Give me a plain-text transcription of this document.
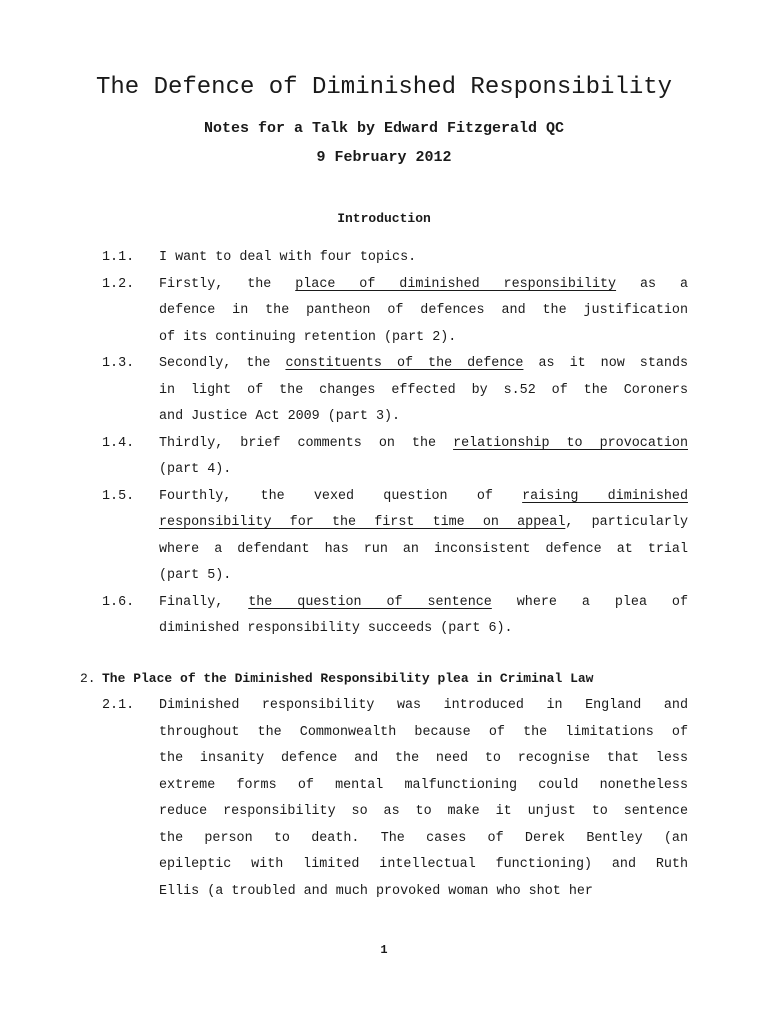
The Defence of Diminished Responsibility
Notes for a Talk by Edward Fitzgerald QC
9 February 2012
Introduction
1.1. I want to deal with four topics.
1.2. Firstly, the place of diminished responsibility as a
defence in the pantheon of defences and the justification
of its continuing retention (part 2).
1.3. Secondly, the constituents of the defence as it now stands
in light of the changes effected by s.52 of the Coroners
and Justice Act 2009 (part 3).
1.4. Thirdly, brief comments on the relationship to provocation
(part 4).
1.5. Fourthly, the vexed question of raising diminished
responsibility for the first time on appeal, particularly
where a defendant has run an inconsistent defence at trial
(part 5).
1.6. Finally, the question of sentence where a plea of
diminished responsibility succeeds (part 6).
2. The Place of the Diminished Responsibility plea in Criminal Law
2.1. Diminished responsibility was introduced in England and
throughout the Commonwealth because of the limitations of
the insanity defence and the need to recognise that less
extreme forms of mental malfunctioning could nonetheless
reduce responsibility so as to make it unjust to sentence
the person to death. The cases of Derek Bentley (an
epileptic with limited intellectual functioning) and Ruth
Ellis (a troubled and much provoked woman who shot her
1
